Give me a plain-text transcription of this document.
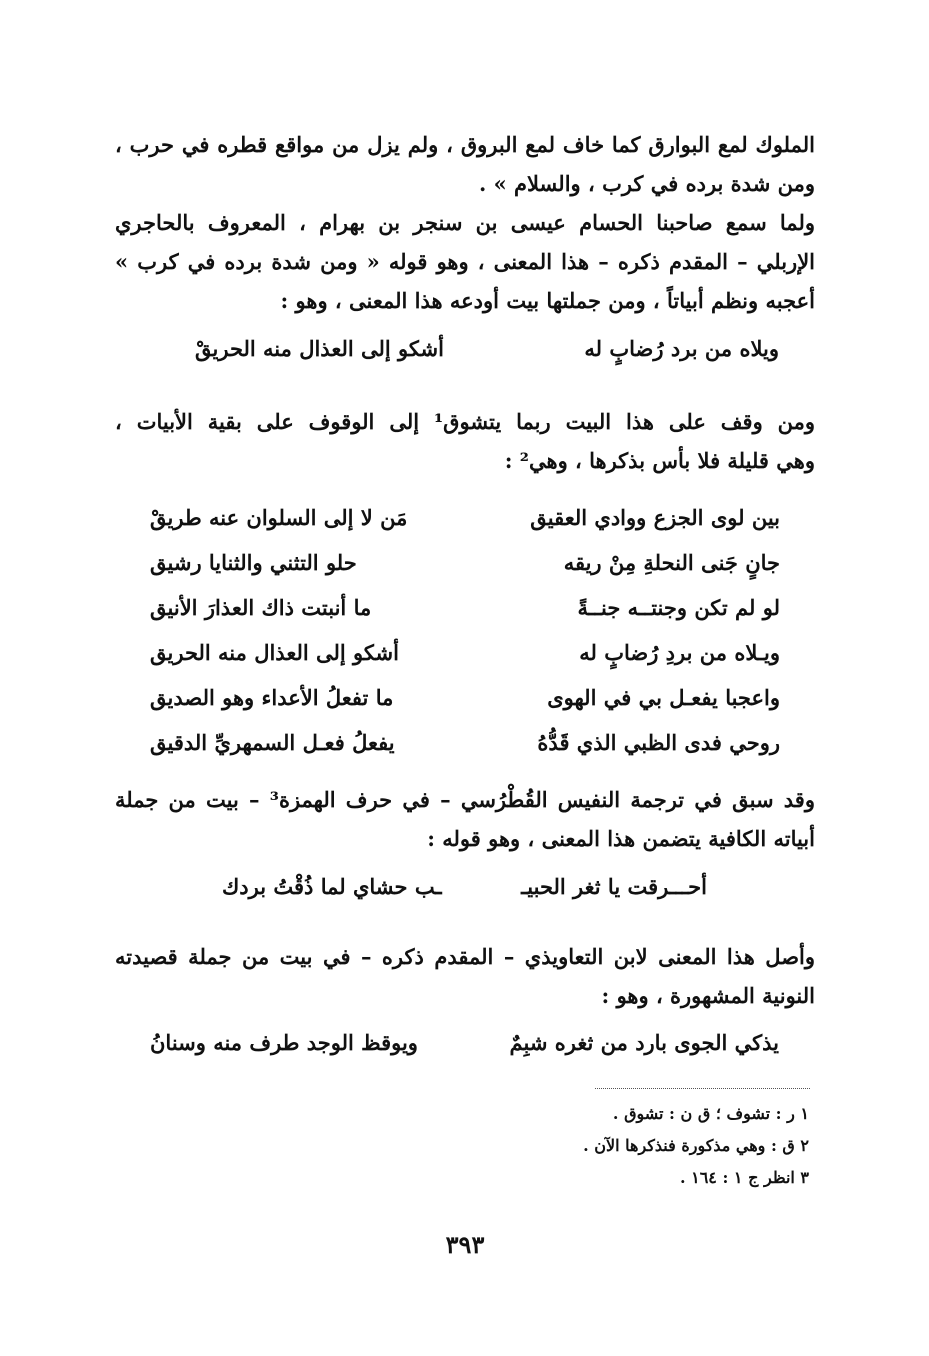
الملوك لمع البوارق كما خاف لمع البروق ، ولم يزل من مواقع قطره في حرب ،
ومن شدة برده في كرب ، والسلام » .
ولما سمع صاحبنا الحسام عيسى بن سنجر بن بهرام ، المعروف بالحاجري
الإربلي – المقدم ذكره – هذا المعنى ، وهو قوله « ومن شدة برده في كرب »
أعجبه ونظم أبياتاً ، ومن جملتها بيت أودعه هذا المعنى ، وهو :
ويلاه من برد رُضابٍ له
أشكو إلى العذال منه الحريقْ
ومن وقف على هذا البيت ربما يتشوق¹ إلى الوقوف على بقية الأبيات ،
وهي قليلة فلا بأس بذكرها ، وهي² :
بين لوى الجزع ووادي العقيق
مَن لا إلى السلوان عنه طريقْ
جانٍ جَنى النحلةِ مِنْ ريقه
حلو التثني والثنايا رشيق
لو لم تكن وجنتــه جنــةً
ما أنبتت ذاك العذارَ الأنيق
ويـلاه من بردِ رُضابٍ له
أشكو إلى العذال منه الحريق
واعجبا يفعـل بي في الهوى
ما تفعلُ الأعداء وهو الصديق
روحي فدى الظبي الذي قَدُّهُ
يفعلُ فعـل السمهريِّ الدقيق
وقد سبق في ترجمة النفيس القُطْرُسي – في حرف الهمزة³ – بيت من جملة
أبياته الكافية يتضمن هذا المعنى ، وهو قوله :
أحـــرقت يا ثغر الحبيـ
ـب حشاي لما ذُقْتُ بردك
وأصل هذا المعنى لابن التعاويذي – المقدم ذكره – في بيت من جملة قصيدته
النونية المشهورة ، وهو :
يذكي الجوى بارد من ثغره شبِمٌ
ويوقظ الوجد طرف منه وسنانُ
١ ر : تشوف ؛ ق ن : تشوق .
٢ ق : وهي مذكورة فنذكرها الآن .
٣ انظر ج ١ : ١٦٤ .
٣٩٣
